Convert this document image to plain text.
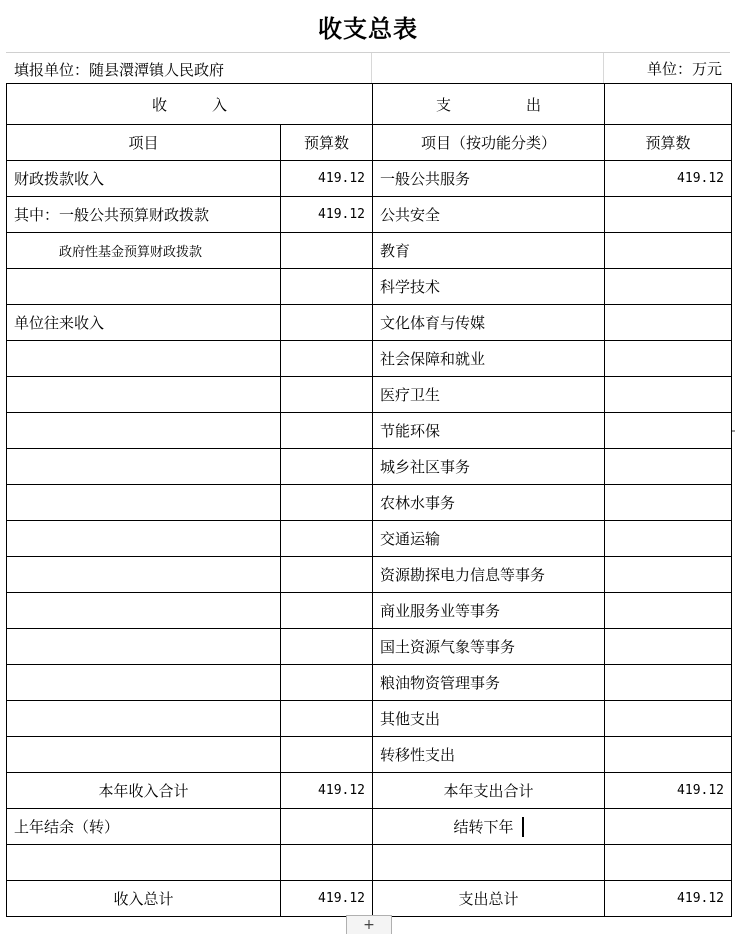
收支总表
填报单位：随县澴潭镇人民政府	单位：万元
收　　　入		支　　　　　出	
项目	预算数	项目（按功能分类）	预算数
财政拨款收入	419.12	一般公共服务	419.12
其中：一般公共预算财政拨款	419.12	公共安全	
政府性基金预算财政拨款		教育	
		科学技术	
单位往来收入		文化体育与传媒	
		社会保障和就业	
		医疗卫生	
		节能环保	
		城乡社区事务	
		农林水事务	
		交通运输	
		资源勘探电力信息等事务	
		商业服务业等事务	
		国土资源气象等事务	
		粮油物资管理事务	
		其他支出	
		转移性支出	
本年收入合计	419.12	本年支出合计	419.12
上年结余（转）		结转下年	

收入总计	419.12	支出总计	419.12
+
